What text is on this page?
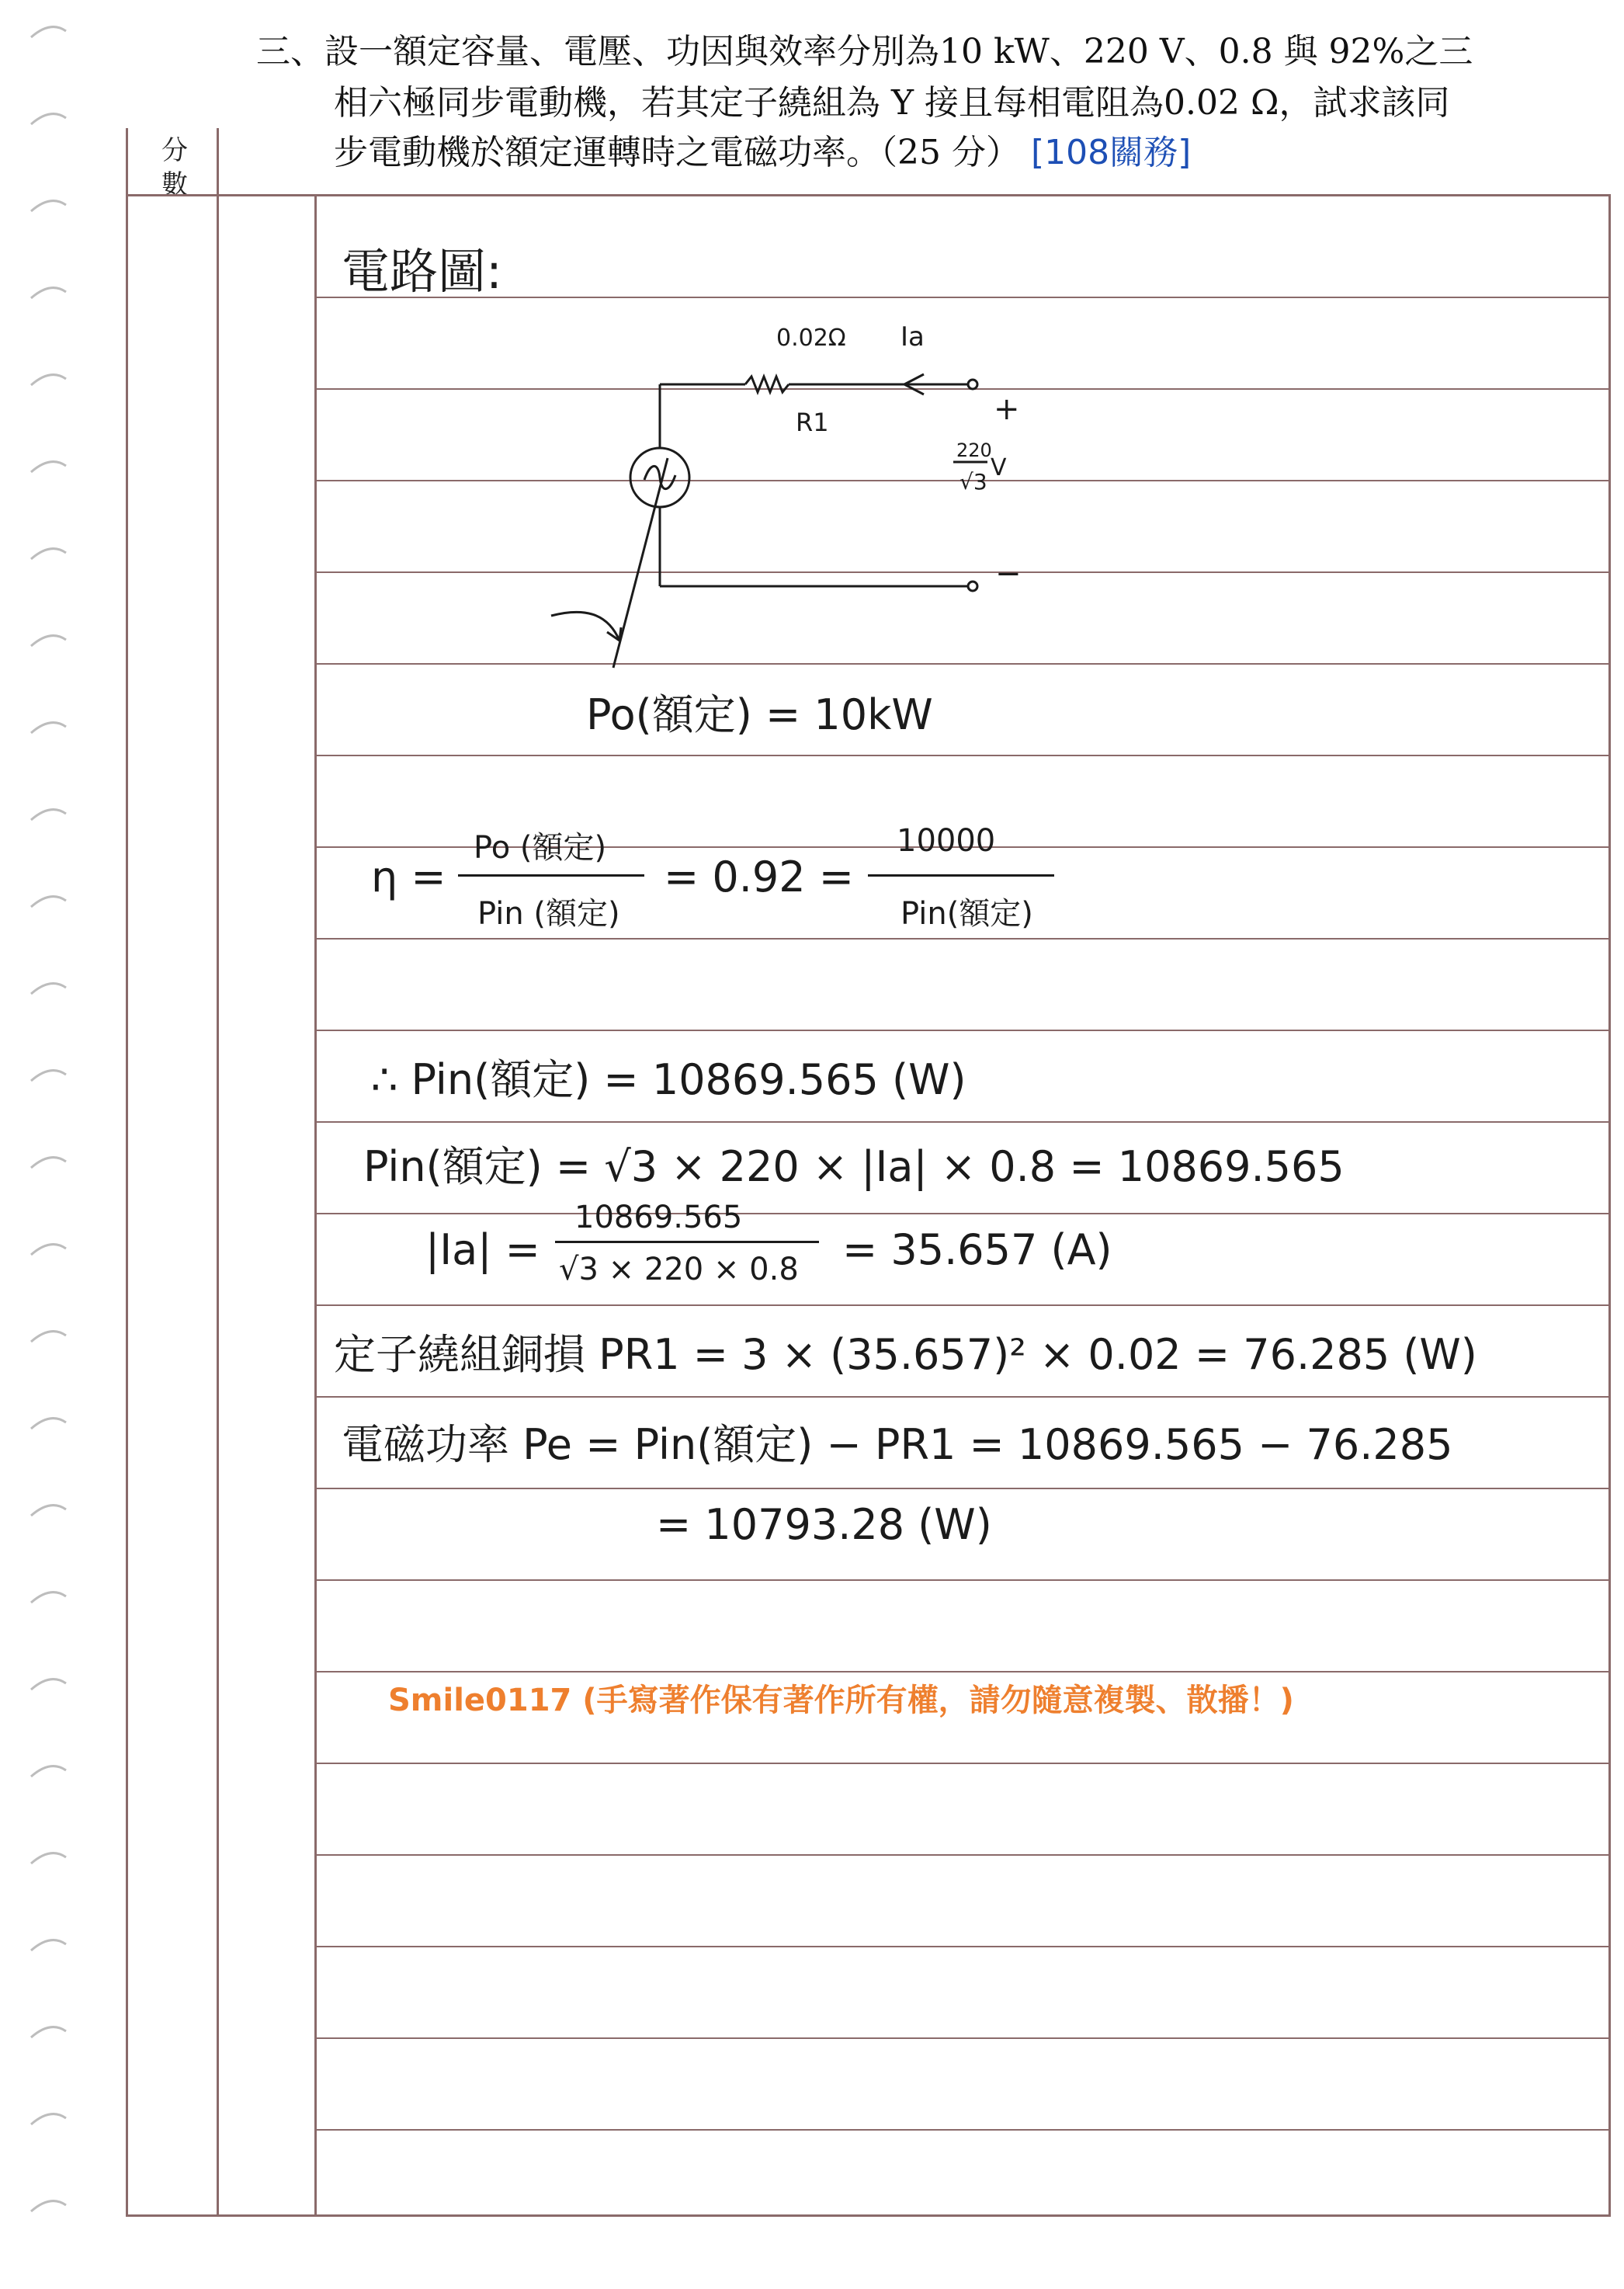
分數
三、設一額定容量、電壓、功因與效率分別為10 kW、220 V、0.8 與 92%之三
相六極同步電動機，若其定子繞組為 Y 接且每相電阻為0.02 Ω，試求該同
步電動機於額定運轉時之電磁功率。（25 分） [108關務]
電路圖:
0.02Ω Ia
R1	+
220
√3
V
−
Po(額定) = 10kW
η =
Po (額定)
Pin (額定)
= 0.92 =
10000
Pin(額定)
∴ Pin(額定) = 10869.565 (W)
Pin(額定) = √3 × 220 × |Ia| × 0.8 = 10869.565
|Ia| =
10869.565
√3 × 220 × 0.8 = 35.657 (A)
定子繞組銅損 PR1 = 3 × (35.657)² × 0.02 = 76.285 (W)
電磁功率 Pe = Pin(額定) − PR1 = 10869.565 − 76.285
= 10793.28 (W)
Smile0117 (手寫著作保有著作所有權，請勿隨意複製、散播！)
